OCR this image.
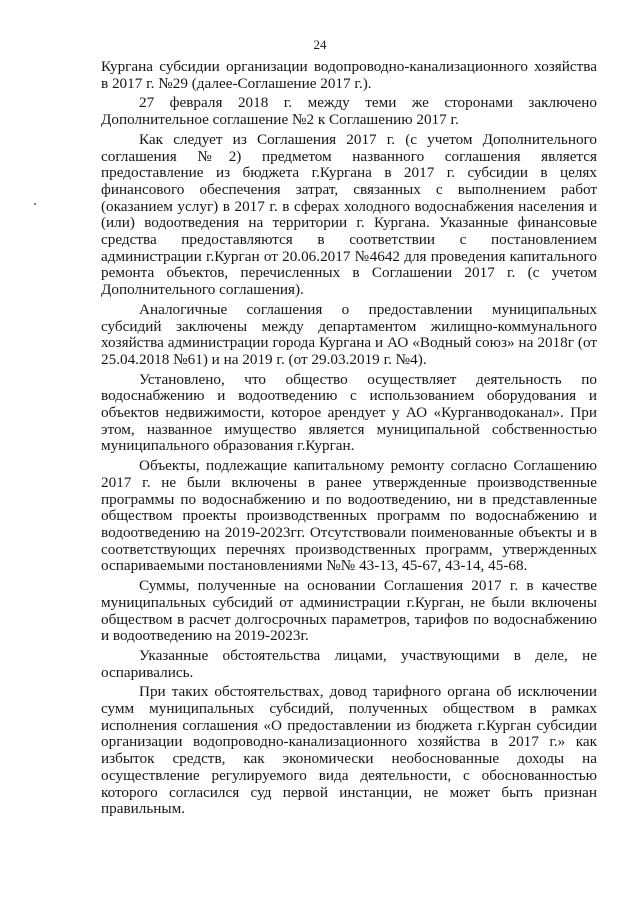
24

Кургана субсидии организации водопроводно-канализационного хозяйства в 2017 г. №29 (далее-Соглашение 2017 г.).

27 февраля 2018 г. между теми же сторонами заключено Дополнительное соглашение №2 к Соглашению 2017 г.

Как следует из Соглашения 2017 г. (с учетом Дополнительного соглашения №2) предметом названного соглашения является предоставление из бюджета г.Кургана в 2017 г. субсидии в целях финансового обеспечения затрат, связанных с выполнением работ (оказанием услуг) в 2017 г. в сферах холодного водоснабжения населения и (или) водоотведения на территории г. Кургана. Указанные финансовые средства предоставляются в соответствии с постановлением администрации г.Курган от 20.06.2017 №4642 для проведения капитального ремонта объектов, перечисленных в Соглашении 2017 г. (с учетом Дополнительного соглашения).

Аналогичные соглашения о предоставлении муниципальных субсидий заключены между департаментом жилищно-коммунального хозяйства администрации города Кургана и АО «Водный союз» на 2018г (от 25.04.2018 №61) и на 2019 г. (от 29.03.2019 г. №4).

Установлено, что общество осуществляет деятельность по водоснабжению и водоотведению с использованием оборудования и объектов недвижимости, которое арендует у АО «Курганводоканал». При этом, названное имущество является муниципальной собственностью муниципального образования г.Курган.

Объекты, подлежащие капитальному ремонту согласно Соглашению 2017 г. не были включены в ранее утвержденные производственные программы по водоснабжению и по водоотведению, ни в представленные обществом проекты производственных программ по водоснабжению и водоотведению на 2019-2023гг. Отсутствовали поименованные объекты и в соответствующих перечнях производственных программ, утвержденных оспариваемыми постановлениями №№ 43-13, 45-67, 43-14, 45-68.

Суммы, полученные на основании Соглашения 2017 г. в качестве муниципальных субсидий от администрации г.Курган, не были включены обществом в расчет долгосрочных параметров, тарифов по водоснабжению и водоотведению на 2019-2023г.

Указанные обстоятельства лицами, участвующими в деле, не оспаривались.

При таких обстоятельствах, довод тарифного органа об исключении сумм муниципальных субсидий, полученных обществом в рамках исполнения соглашения «О предоставлении из бюджета г.Курган субсидии организации водопроводно-канализационного хозяйства в 2017 г.» как избыток средств, как экономически необоснованные доходы на осуществление регулируемого вида деятельности, с обоснованностью которого согласился суд первой инстанции, не может быть признан правильным.
